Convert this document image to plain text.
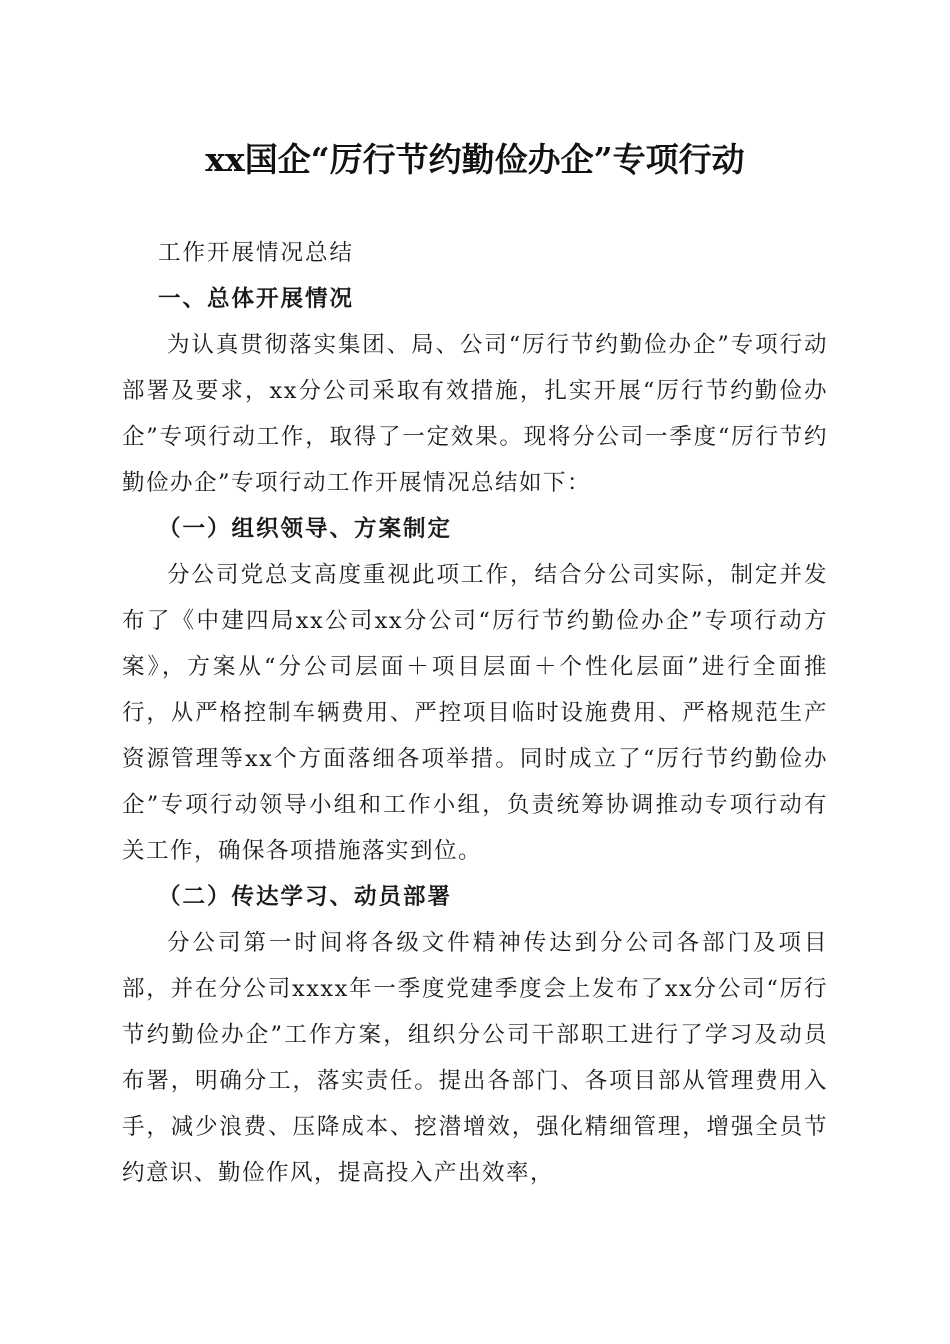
xx国企“厉行节约勤俭办企”专项行动

工作开展情况总结

一、总体开展情况

为认真贯彻落实集团、局、公司“厉行节约勤俭办企”专项行动部署及要求，xx分公司采取有效措施，扎实开展“厉行节约勤俭办企”专项行动工作，取得了一定效果。现将分公司一季度“厉行节约勤俭办企”专项行动工作开展情况总结如下：

（一）组织领导、方案制定

分公司党总支高度重视此项工作，结合分公司实际，制定并发布了《中建四局xx公司xx分公司“厉行节约勤俭办企”专项行动方案》，方案从“分公司层面＋项目层面＋个性化层面”进行全面推行，从严格控制车辆费用、严控项目临时设施费用、严格规范生产资源管理等xx个方面落细各项举措。同时成立了“厉行节约勤俭办企”专项行动领导小组和工作小组，负责统筹协调推动专项行动有关工作，确保各项措施落实到位。

（二）传达学习、动员部署

分公司第一时间将各级文件精神传达到分公司各部门及项目部，并在分公司xxxx年一季度党建季度会上发布了xx分公司“厉行节约勤俭办企”工作方案，组织分公司干部职工进行了学习及动员布署，明确分工，落实责任。提出各部门、各项目部从管理费用入手，减少浪费、压降成本、挖潜增效，强化精细管理，增强全员节约意识、勤俭作风，提高投入产出效率，
